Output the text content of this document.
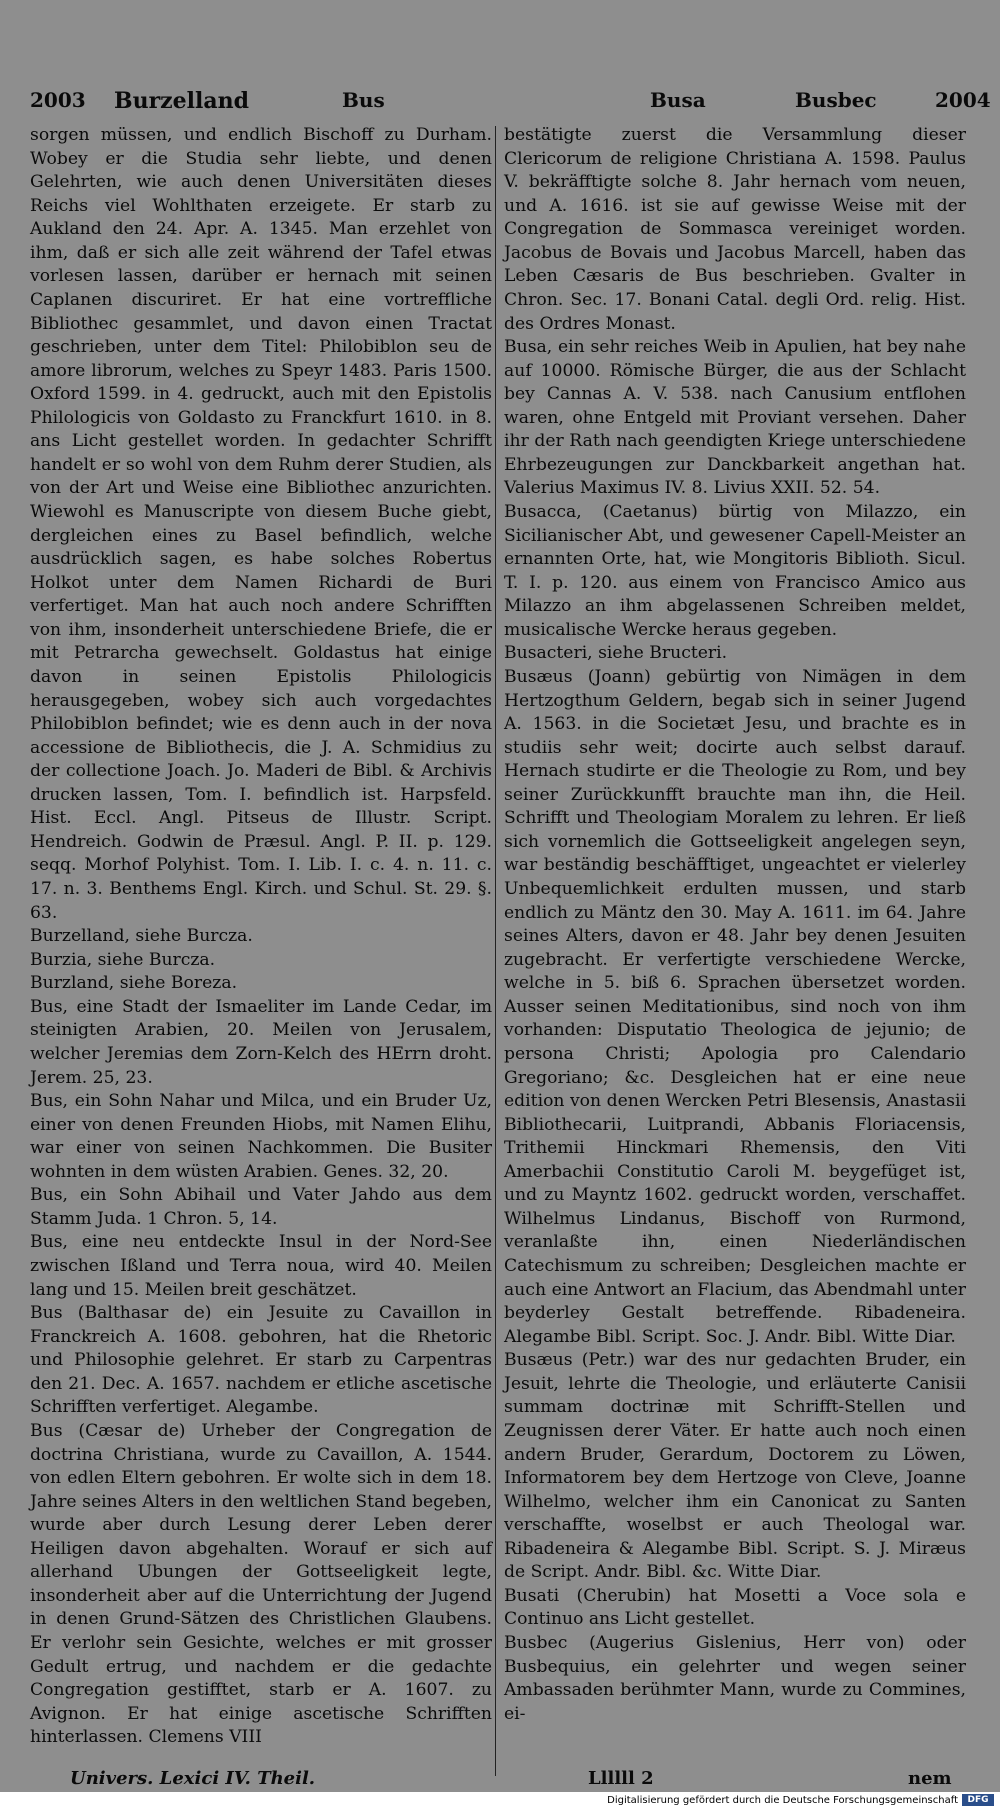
2003 Burzelland	Bus	Busa	Busbec	2004

sorgen müssen, und endlich Bischoff zu Durham. Wobey er die Studia sehr liebte, und denen Gelehrten, wie auch denen Universitäten dieses Reichs viel Wohlthaten erzeigete. Er starb zu Aukland den 24. Apr. A. 1345. Man erzehlet von ihm, daß er sich alle zeit während der Tafel etwas vorlesen lassen, darüber er hernach mit seinen Caplanen discuriret. Er hat eine vortreffliche Bibliothec gesammlet, und davon einen Tractat geschrieben, unter dem Titel: Philobiblon seu de amore librorum, welches zu Speyr 1483. Paris 1500. Oxford 1599. in 4. gedruckt, auch mit den Epistolis Philologicis von Goldasto zu Franckfurt 1610. in 8. ans Licht gestellet worden. In gedachter Schrifft handelt er so wohl von dem Ruhm derer Studien, als von der Art und Weise eine Bibliothec anzurichten. Wiewohl es Manuscripte von diesem Buche giebt, dergleichen eines zu Basel befindlich, welche ausdrücklich sagen, es habe solches Robertus Holkot unter dem Namen Richardi de Buri verfertiget. Man hat auch noch andere Schrifften von ihm, insonderheit unterschiedene Briefe, die er mit Petrarcha gewechselt. Goldastus hat einige davon in seinen Epistolis Philologicis herausgegeben, wobey sich auch vorgedachtes Philobiblon befindet; wie es denn auch in der nova accessione de Bibliothecis, die J. A. Schmidius zu der collectione Joach. Jo. Maderi de Bibl. & Archivis drucken lassen, Tom. I. befindlich ist. Harpsfeld. Hist. Eccl. Angl. Pitseus de Illustr. Script. Hendreich. Godwin de Præsul. Angl. P. II. p. 129. seqq. Morhof Polyhist. Tom. I. Lib. I. c. 4. n. 11. c. 17. n. 3. Benthems Engl. Kirch. und Schul. St. 29. §. 63.

Burzelland, siehe Burcza.

Burzia, siehe Burcza.

Burzland, siehe Boreza.

Bus, eine Stadt der Ismaeliter im Lande Cedar, im steinigten Arabien, 20. Meilen von Jerusalem, welcher Jeremias dem Zorn-Kelch des HErrn droht. Jerem. 25, 23.

Bus, ein Sohn Nahar und Milca, und ein Bruder Uz, einer von denen Freunden Hiobs, mit Namen Elihu, war einer von seinen Nachkommen. Die Busiter wohnten in dem wüsten Arabien. Genes. 32, 20.

Bus, ein Sohn Abihail und Vater Jahdo aus dem Stamm Juda. 1 Chron. 5, 14.

Bus, eine neu entdeckte Insul in der Nord-See zwischen Ißland und Terra noua, wird 40. Meilen lang und 15. Meilen breit geschätzet.

Bus (Balthasar de) ein Jesuite zu Cavaillon in Franckreich A. 1608. gebohren, hat die Rhetoric und Philosophie gelehret. Er starb zu Carpentras den 21. Dec. A. 1657. nachdem er etliche ascetische Schrifften verfertiget. Alegambe.

Bus (Cæsar de) Urheber der Congregation de doctrina Christiana, wurde zu Cavaillon, A. 1544. von edlen Eltern gebohren. Er wolte sich in dem 18. Jahre seines Alters in den weltlichen Stand begeben, wurde aber durch Lesung derer Leben derer Heiligen davon abgehalten. Worauf er sich auf allerhand Ubungen der Gottseeligkeit legte, insonderheit aber auf die Unterrichtung der Jugend in denen Grund-Sätzen des Christlichen Glaubens. Er verlohr sein Gesichte, welches er mit grosser Gedult ertrug, und nachdem er die gedachte Congregation gestifftet, starb er A. 1607. zu Avignon. Er hat einige ascetische Schrifften hinterlassen. Clemens VIII

bestätigte zuerst die Versammlung dieser Clericorum de religione Christiana A. 1598. Paulus V. bekräfftigte solche 8. Jahr hernach vom neuen, und A. 1616. ist sie auf gewisse Weise mit der Congregation de Sommasca vereiniget worden. Jacobus de Bovais und Jacobus Marcell, haben das Leben Cæsaris de Bus beschrieben. Gvalter in Chron. Sec. 17. Bonani Catal. degli Ord. relig. Hist. des Ordres Monast.

Busa, ein sehr reiches Weib in Apulien, hat bey nahe auf 10000. Römische Bürger, die aus der Schlacht bey Cannas A. V. 538. nach Canusium entflohen waren, ohne Entgeld mit Proviant versehen. Daher ihr der Rath nach geendigten Kriege unterschiedene Ehrbezeugungen zur Danckbarkeit angethan hat. Valerius Maximus IV. 8. Livius XXII. 52. 54.

Busacca, (Caetanus) bürtig von Milazzo, ein Sicilianischer Abt, und gewesener Capell-Meister an ernannten Orte, hat, wie Mongitoris Biblioth. Sicul. T. I. p. 120. aus einem von Francisco Amico aus Milazzo an ihm abgelassenen Schreiben meldet, musicalische Wercke heraus gegeben.

Busacteri, siehe Bructeri.

Busæus (Joann) gebürtig von Nimägen in dem Hertzogthum Geldern, begab sich in seiner Jugend A. 1563. in die Societæt Jesu, und brachte es in studiis sehr weit; docirte auch selbst darauf. Hernach studirte er die Theologie zu Rom, und bey seiner Zurückkunfft brauchte man ihn, die Heil. Schrifft und Theologiam Moralem zu lehren. Er ließ sich vornemlich die Gottseeligkeit angelegen seyn, war beständig beschäfftiget, ungeachtet er vielerley Unbequemlichkeit erdulten mussen, und starb endlich zu Mäntz den 30. May A. 1611. im 64. Jahre seines Alters, davon er 48. Jahr bey denen Jesuiten zugebracht. Er verfertigte verschiedene Wercke, welche in 5. biß 6. Sprachen übersetzet worden. Ausser seinen Meditationibus, sind noch von ihm vorhanden: Disputatio Theologica de jejunio; de persona Christi; Apologia pro Calendario Gregoriano; &c. Desgleichen hat er eine neue edition von denen Wercken Petri Blesensis, Anastasii Bibliothecarii, Luitprandi, Abbanis Floriacensis, Trithemii Hinckmari Rhemensis, den Viti Amerbachii Constitutio Caroli M. beygefüget ist, und zu Mayntz 1602. gedruckt worden, verschaffet. Wilhelmus Lindanus, Bischoff von Rurmond, veranlaßte ihn, einen Niederländischen Catechismum zu schreiben; Desgleichen machte er auch eine Antwort an Flacium, das Abendmahl unter beyderley Gestalt betreffende. Ribadeneira. Alegambe Bibl. Script. Soc. J. Andr. Bibl. Witte Diar.

Busæus (Petr.) war des nur gedachten Bruder, ein Jesuit, lehrte die Theologie, und erläuterte Canisii summam doctrinæ mit Schrifft-Stellen und Zeugnissen derer Väter. Er hatte auch noch einen andern Bruder, Gerardum, Doctorem zu Löwen, Informatorem bey dem Hertzoge von Cleve, Joanne Wilhelmo, welcher ihm ein Canonicat zu Santen verschaffte, woselbst er auch Theologal war. Ribadeneira & Alegambe Bibl. Script. S. J. Miræus de Script. Andr. Bibl. &c. Witte Diar.

Busati (Cherubin) hat Mosetti a Voce sola e Continuo ans Licht gestellet.

Busbec (Augerius Gislenius, Herr von) oder Busbequius, ein gelehrter und wegen seiner Ambassaden berühmter Mann, wurde zu Commines, ei-

Univers. Lexici IV. Theil.	Llllll 2	nem
Digitalisierung gefördert durch die Deutsche Forschungsgemeinschaft	DFG
